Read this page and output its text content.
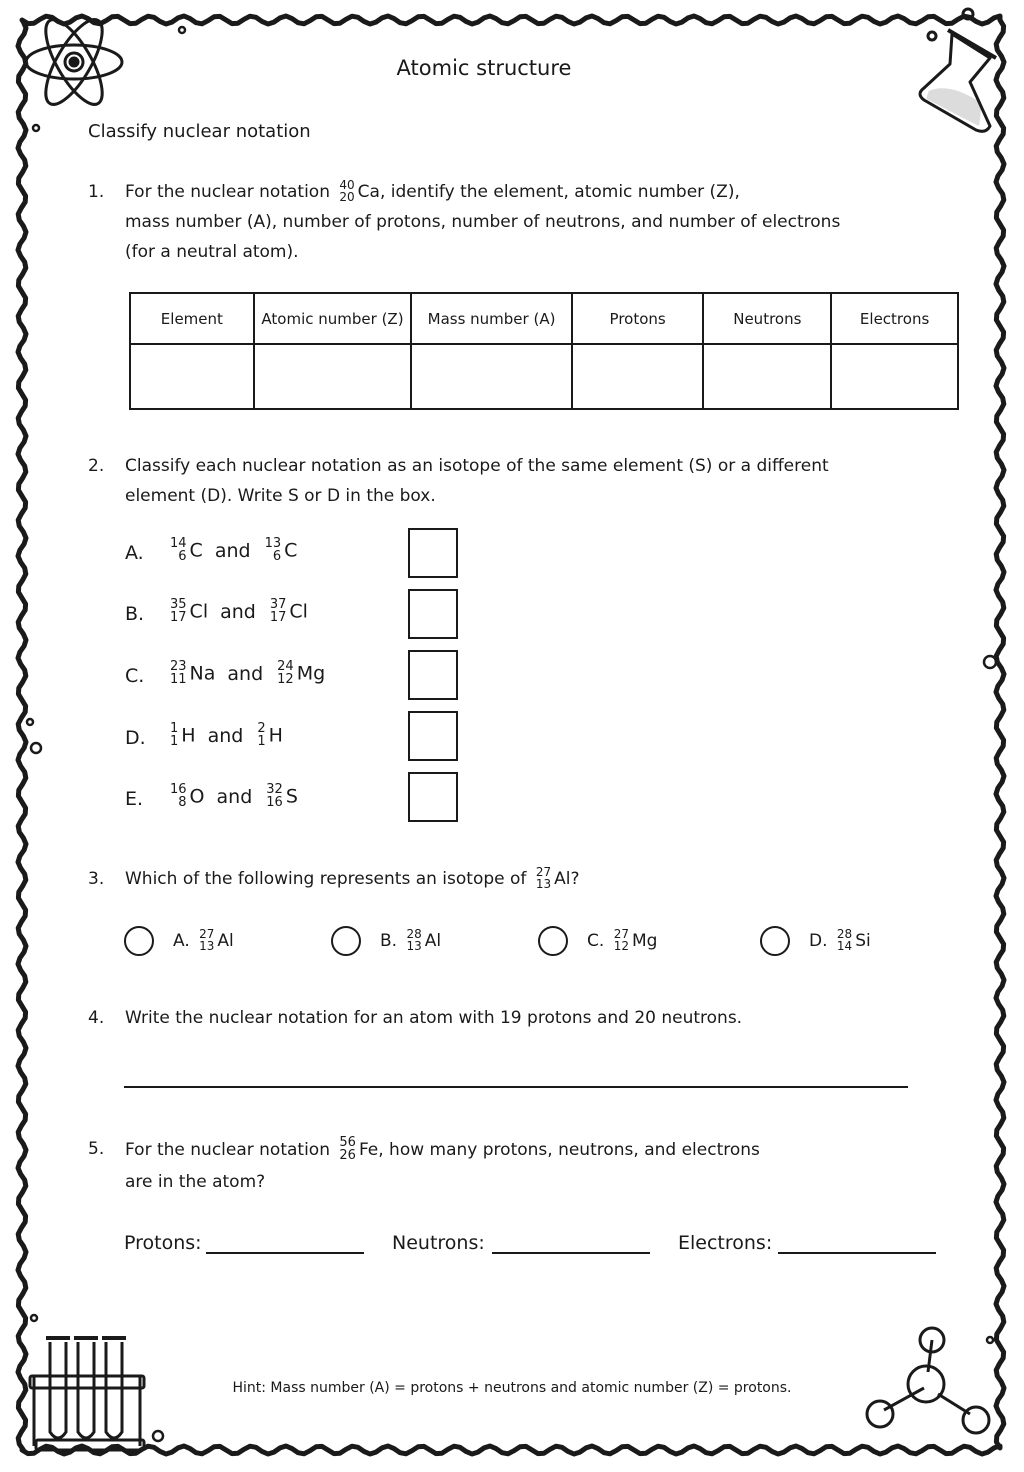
Atomic structure
Classify nuclear notation
1. For the nuclear notation 40
20 Ca, identify the element, atomic number (Z),
mass number (A), number of protons, number of neutrons, and number of electrons
(for a neutral atom).
Element	Atomic number (Z)	Mass number (A)	Protons	Neutrons	Electrons

2. Classify each nuclear notation as an isotope of the same element (S) or a different
element (D). Write S or D in the box.
A. 14
6 C and 13
6 C
B. 35
17 Cl and 37
17 Cl
C. 23
11 Na and 24
12 Mg
D. 1
1 H and 2
1 H
E. 16
8 O and 32
16 S
3. Which of the following represents an isotope of 27
13 Al?
A. 27
13 Al	B. 28
13 Al	C. 27
12 Mg	D. 28
14 Si
4. Write the nuclear notation for an atom with 19 protons and 20 neutrons.
5. For the nuclear notation 56
26 Fe, how many protons, neutrons, and electrons
are in the atom?
Protons:	Neutrons:	Electrons:
Hint: Mass number (A) = protons + neutrons and atomic number (Z) = protons.
